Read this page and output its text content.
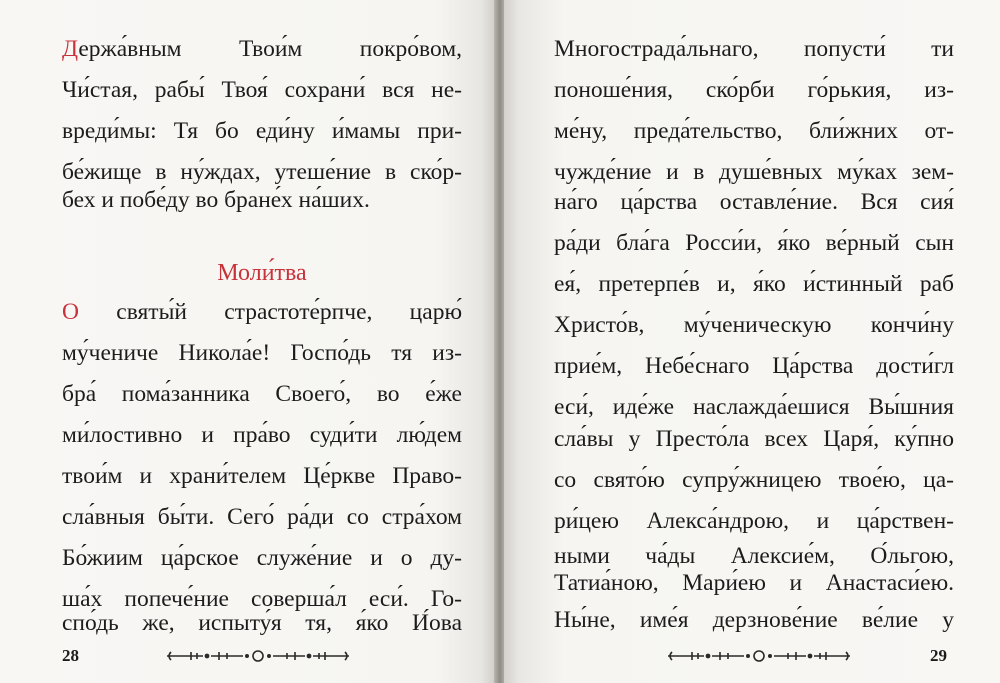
Держа́вным Твои́м покро́вом,
Чи́стая, рабы́ Твоя́ сохрани́ вся не-
вреди́мы: Тя бо еди́ну и́мамы при-
бе́жище в ну́ждах, утеше́ние в ско́р-
бех и побе́ду во бране́х на́ших.
Моли́тва
О святы́й страстоте́рпче, царю́
му́чениче Никола́е! Госпо́дь тя из-
бра́ пома́занника Своего́, во е́же
ми́лостивно и пра́во суди́ти лю́дем
твои́м и храни́телем Це́ркве Право-
сла́вныя бы́ти. Сего́ ра́ди со стра́хом
Бо́жиим ца́рское служе́ние и о ду-
ша́х попече́ние соверша́л еси́. Го-
спо́дь же, испыту́я тя, я́ко И́ова
28
Многострада́льнаго, попусти́ ти
поноше́ния, ско́рби го́рькия, из-
ме́ну, преда́тельство, бли́жних от-
чужде́ние и в душе́вных му́ках зем-
на́го ца́рства оставле́ние. Вся сия́
ра́ди бла́га Росси́и, я́ко ве́рный сын
ея́, претерпе́в и, я́ко и́стинный раб
Христо́в, му́ченическую кончи́ну
прие́м, Небе́снаго Ца́рства дости́гл
еси́, иде́же наслажда́ешися Вы́шния
сла́вы у Престо́ла всех Царя́, ку́пно
со свято́ю супру́жницею твое́ю, ца-
ри́цею Алекса́ндрою, и ца́рствен-
ными ча́ды Алексие́м, О́льгою,
Татиа́ною, Мари́ею и Анастаси́ею.
Ны́не, име́я дерзнове́ние ве́лие у
29
